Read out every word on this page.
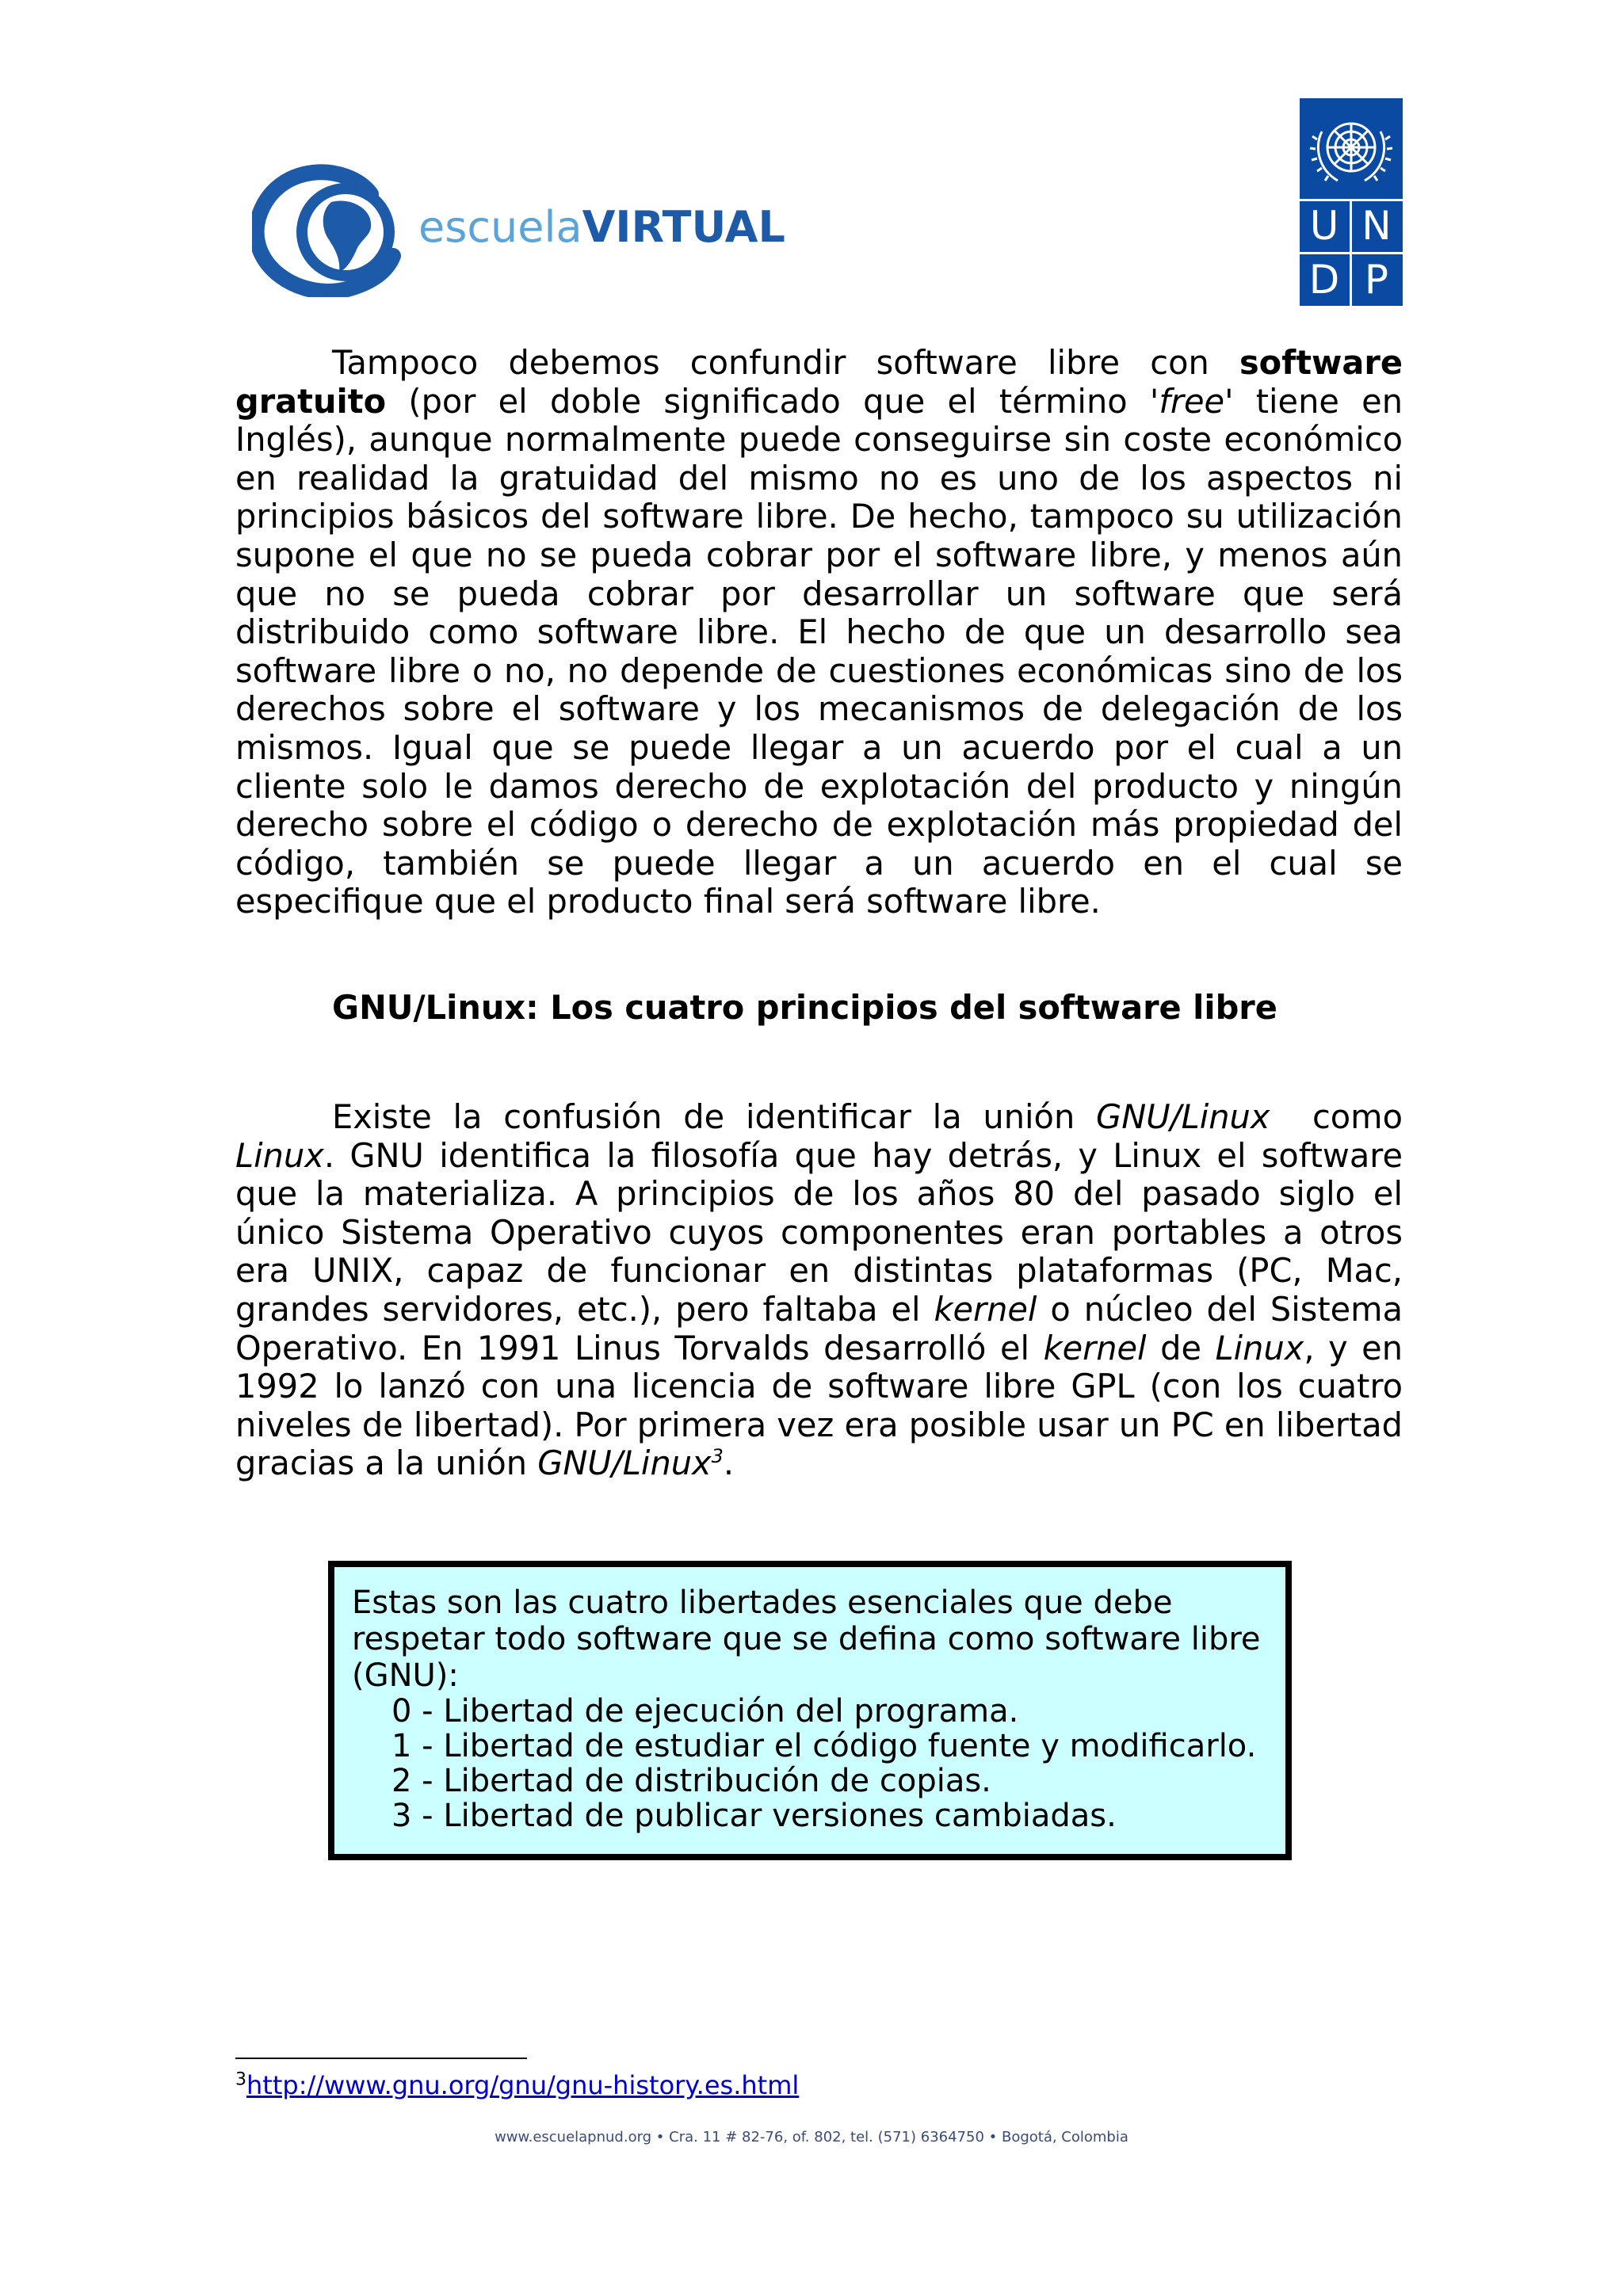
escuelaVIRTUAL	U N
D P

Tampoco debemos confundir software libre con software gratuito (por el doble significado que el término 'free' tiene en Inglés), aunque normalmente puede conseguirse sin coste económico en realidad la gratuidad del mismo no es uno de los aspectos ni principios básicos del software libre. De hecho, tampoco su utilización supone el que no se pueda cobrar por el software libre, y menos aún que no se pueda cobrar por desarrollar un software que será distribuido como software libre. El hecho de que un desarrollo sea software libre o no, no depende de cuestiones económicas sino de los derechos sobre el software y los mecanismos de delegación de los mismos. Igual que se puede llegar a un acuerdo por el cual a un cliente solo le damos derecho de explotación del producto y ningún derecho sobre el código o derecho de explotación más propiedad del código, también se puede llegar a un acuerdo en el cual se especifique que el producto final será software libre.

GNU/Linux: Los cuatro principios del software libre

Existe la confusión de identificar la unión GNU/Linux  como Linux. GNU identifica la filosofía que hay detrás, y Linux el software que la materializa. A principios de los años 80 del pasado siglo el único Sistema Operativo cuyos componentes eran portables a otros era UNIX, capaz de funcionar en distintas plataformas (PC, Mac, grandes servidores, etc.), pero faltaba el kernel o núcleo del Sistema Operativo. En 1991 Linus Torvalds desarrolló el kernel de Linux, y en 1992 lo lanzó con una licencia de software libre GPL (con los cuatro niveles de libertad). Por primera vez era posible usar un PC en libertad gracias a la unión GNU/Linux$^3$.

Estas son las cuatro libertades esenciales que debe respetar todo software que se defina como software libre (GNU):

0 - Libertad de ejecución del programa.
1 - Libertad de estudiar el código fuente y modificarlo.
2 - Libertad de distribución de copias.
3 - Libertad de publicar versiones cambiadas.
$^3$http://www.gnu.org/gnu/gnu-history.es.html
www.escuelapnud.org • Cra. 11 # 82-76, of. 802, tel. (571) 6364750 • Bogotá, Colombia
